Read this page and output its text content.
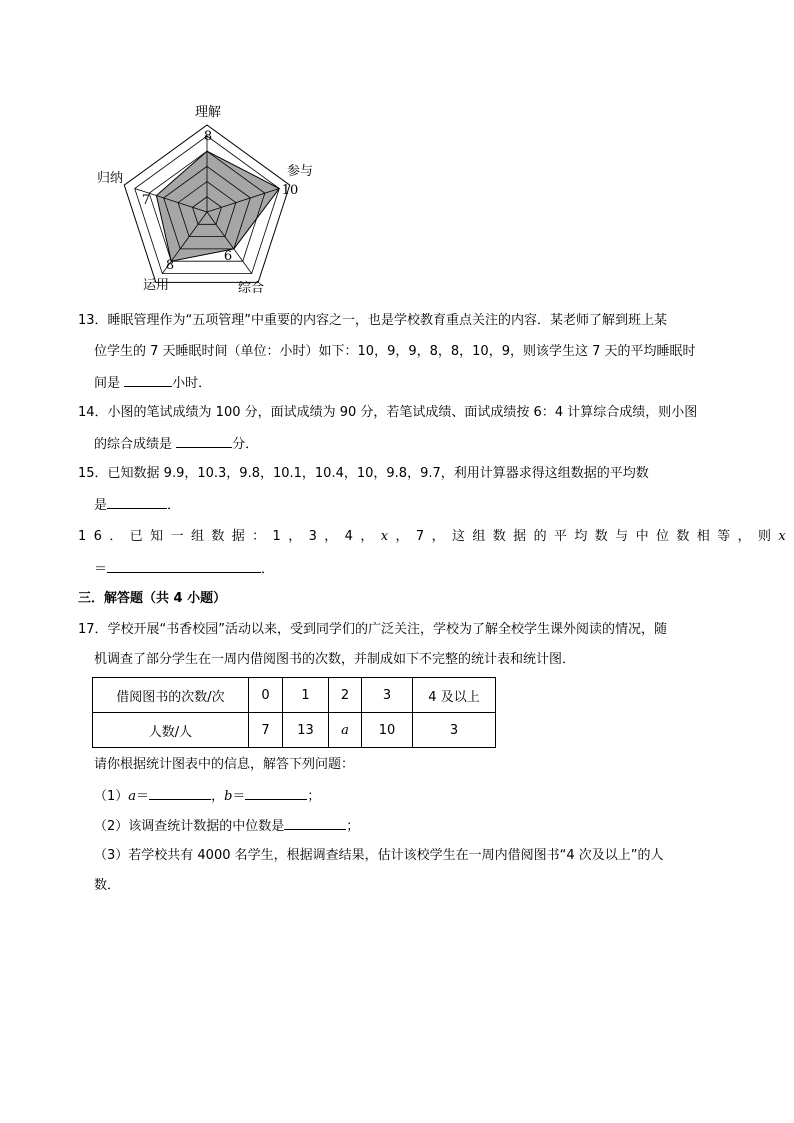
理解
参与
综合
运用
归纳
8
10
6
8
7
13．睡眠管理作为“五项管理”中重要的内容之一，也是学校教育重点关注的内容．某老师了解到班上某
位学生的 7 天睡眠时间（单位：小时）如下：10，9，9，8，8，10，9，则该学生这 7 天的平均睡眠时
间是	小时．
14．小图的笔试成绩为 100 分，面试成绩为 90 分，若笔试成绩、面试成绩按 6：4 计算综合成绩，则小图
的综合成绩是	分．
15．已知数据 9.9，10.3，9.8，10.1，10.4，10，9.8，9.7，利用计算器求得这组数据的平均数
是	．
16．已知一组数据：1，3，4，x，7，这组数据的平均数与中位数相等，则x
＝	．
三．解答题（共 4 小题）
17．学校开展“书香校园”活动以来，受到同学们的广泛关注，学校为了解全校学生课外阅读的情况，随
机调查了部分学生在一周内借阅图书的次数，并制成如下不完整的统计表和统计图．
借阅图书的次数/次	0	1	2	3	4 及以上
人数/人	7	13	a	10	3
请你根据统计图表中的信息，解答下列问题：
（1）a＝	，b＝	；
（2）该调查统计数据的中位数是	；
（3）若学校共有 4000 名学生，根据调查结果，估计该校学生在一周内借阅图书“4 次及以上”的人
数．
